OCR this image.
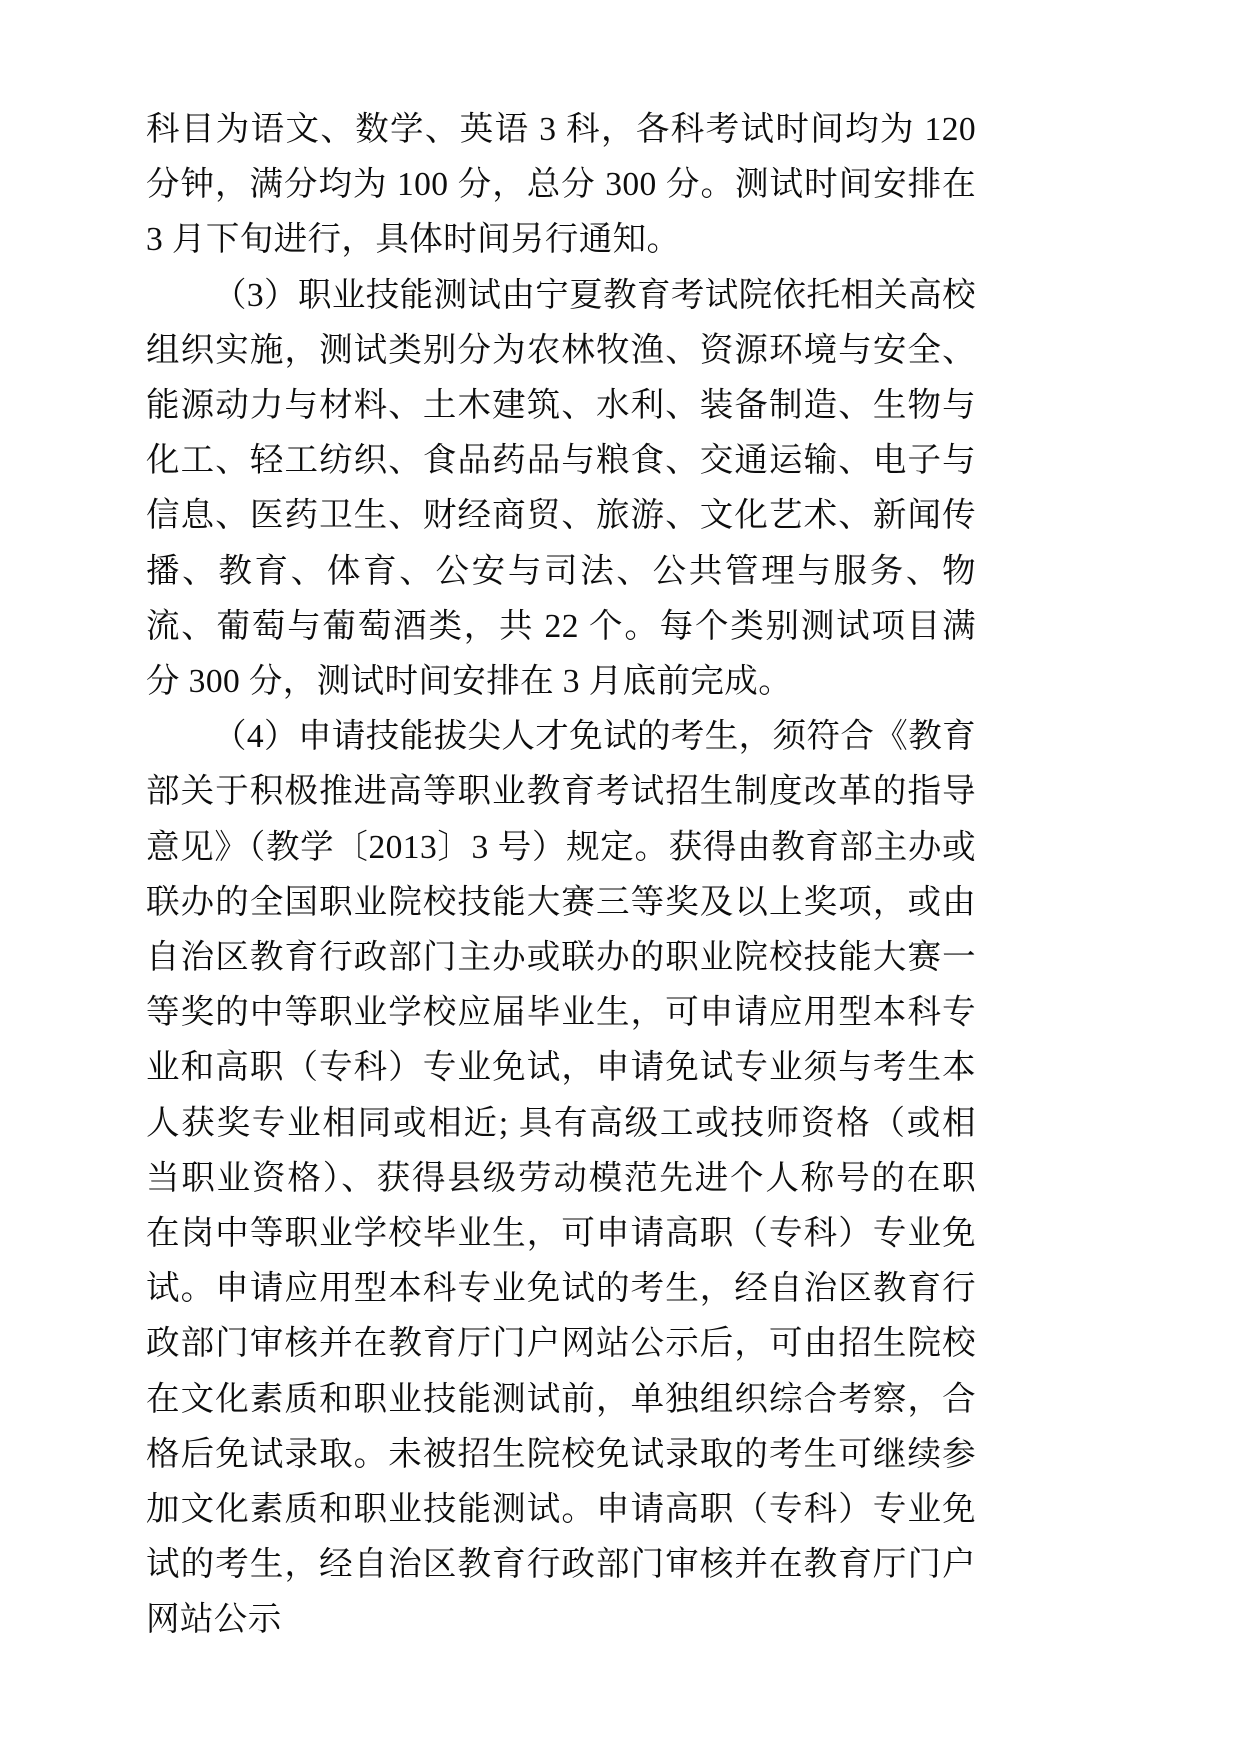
科目为语文、数学、英语 3 科，各科考试时间均为 120 分钟，满分均为 100 分，总分 300 分。测试时间安排在 3 月下旬进行，具体时间另行通知。

（3）职业技能测试由宁夏教育考试院依托相关高校组织实施，测试类别分为农林牧渔、资源环境与安全、能源动力与材料、土木建筑、水利、装备制造、生物与化工、轻工纺织、食品药品与粮食、交通运输、电子与信息、医药卫生、财经商贸、旅游、文化艺术、新闻传播、教育、体育、公安与司法、公共管理与服务、物流、葡萄与葡萄酒类，共 22 个。每个类别测试项目满分 300 分，测试时间安排在 3 月底前完成。

（4）申请技能拔尖人才免试的考生，须符合《教育部关于积极推进高等职业教育考试招生制度改革的指导意见》（教学〔2013〕3 号）规定。获得由教育部主办或联办的全国职业院校技能大赛三等奖及以上奖项，或由自治区教育行政部门主办或联办的职业院校技能大赛一等奖的中等职业学校应届毕业生，可申请应用型本科专业和高职（专科）专业免试，申请免试专业须与考生本人获奖专业相同或相近; 具有高级工或技师资格（或相当职业资格）、获得县级劳动模范先进个人称号的在职在岗中等职业学校毕业生，可申请高职（专科）专业免试。申请应用型本科专业免试的考生，经自治区教育行政部门审核并在教育厅门户网站公示后，可由招生院校在文化素质和职业技能测试前，单独组织综合考察，合格后免试录取。未被招生院校免试录取的考生可继续参加文化素质和职业技能测试。申请高职（专科）专业免试的考生，经自治区教育行政部门审核并在教育厅门户网站公示
